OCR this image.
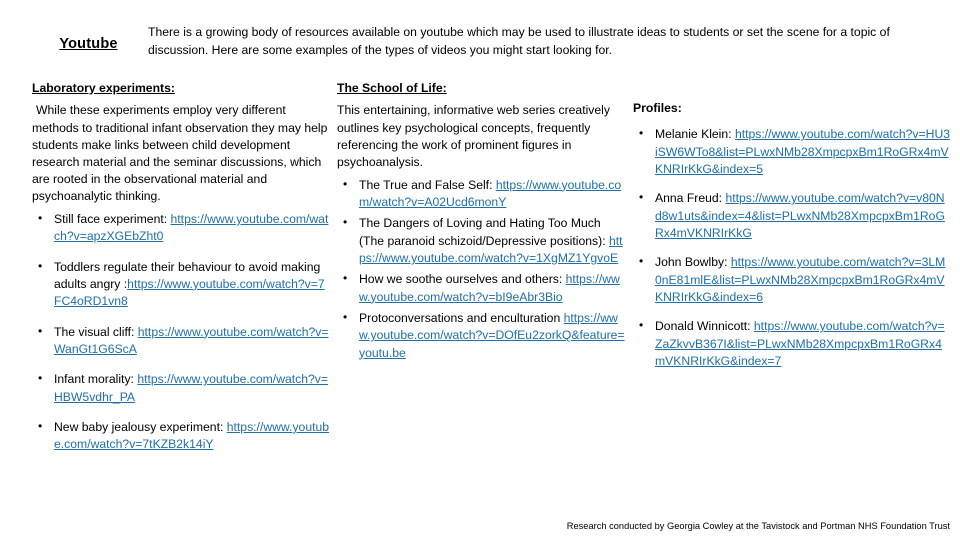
Youtube
There is a growing body of resources available on youtube which may be used to illustrate ideas to students or set the scene for a topic of discussion. Here are some examples of the types of videos you might start looking for.
Laboratory experiments:
While these experiments employ very different methods to traditional infant observation they may help students make links between child development research material and the seminar discussions, which are rooted in the observational material and psychoanalytic thinking.
• Still face experiment: https://www.youtube.com/watch?v=apzXGEbZht0
• Toddlers regulate their behaviour to avoid making adults angry :https://www.youtube.com/watch?v=7FC4oRD1vn8
• The visual cliff: https://www.youtube.com/watch?v=WanGt1G6ScA
• Infant morality: https://www.youtube.com/watch?v=HBW5vdhr_PA
• New baby jealousy experiment: https://www.youtube.com/watch?v=7tKZB2k14iY
The School of Life:
This entertaining, informative web series creatively outlines key psychological concepts, frequently referencing the work of prominent figures in psychoanalysis.
• The True and False Self: https://www.youtube.com/watch?v=A02Ucd6monY
• The Dangers of Loving and Hating Too Much (The paranoid schizoid/Depressive positions): https://www.youtube.com/watch?v=1XgMZ1YgvoE
• How we soothe ourselves and others: https://www.youtube.com/watch?v=bI9eAbr3Bio
• Protoconversations and enculturation https://www.youtube.com/watch?v=DOfEu2zorkQ&feature=youtu.be
Profiles:
• Melanie Klein: https://www.youtube.com/watch?v=HU3iSW6WTo8&list=PLwxNMb28XmpcpxBm1RoGRx4mVKNRIrKkG&index=5
• Anna Freud: https://www.youtube.com/watch?v=v80Nd8w1uts&index=4&list=PLwxNMb28XmpcpxBm1RoGRx4mVKNRIrKkG
• John Bowlby: https://www.youtube.com/watch?v=3LM0nE81mlE&list=PLwxNMb28XmpcpxBm1RoGRx4mVKNRIrKkG&index=6
• Donald Winnicott: https://www.youtube.com/watch?v=ZaZkvvB367I&list=PLwxNMb28XmpcpxBm1RoGRx4mVKNRIrKkG&index=7
Research conducted by Georgia Cowley at the Tavistock and Portman NHS Foundation Trust
